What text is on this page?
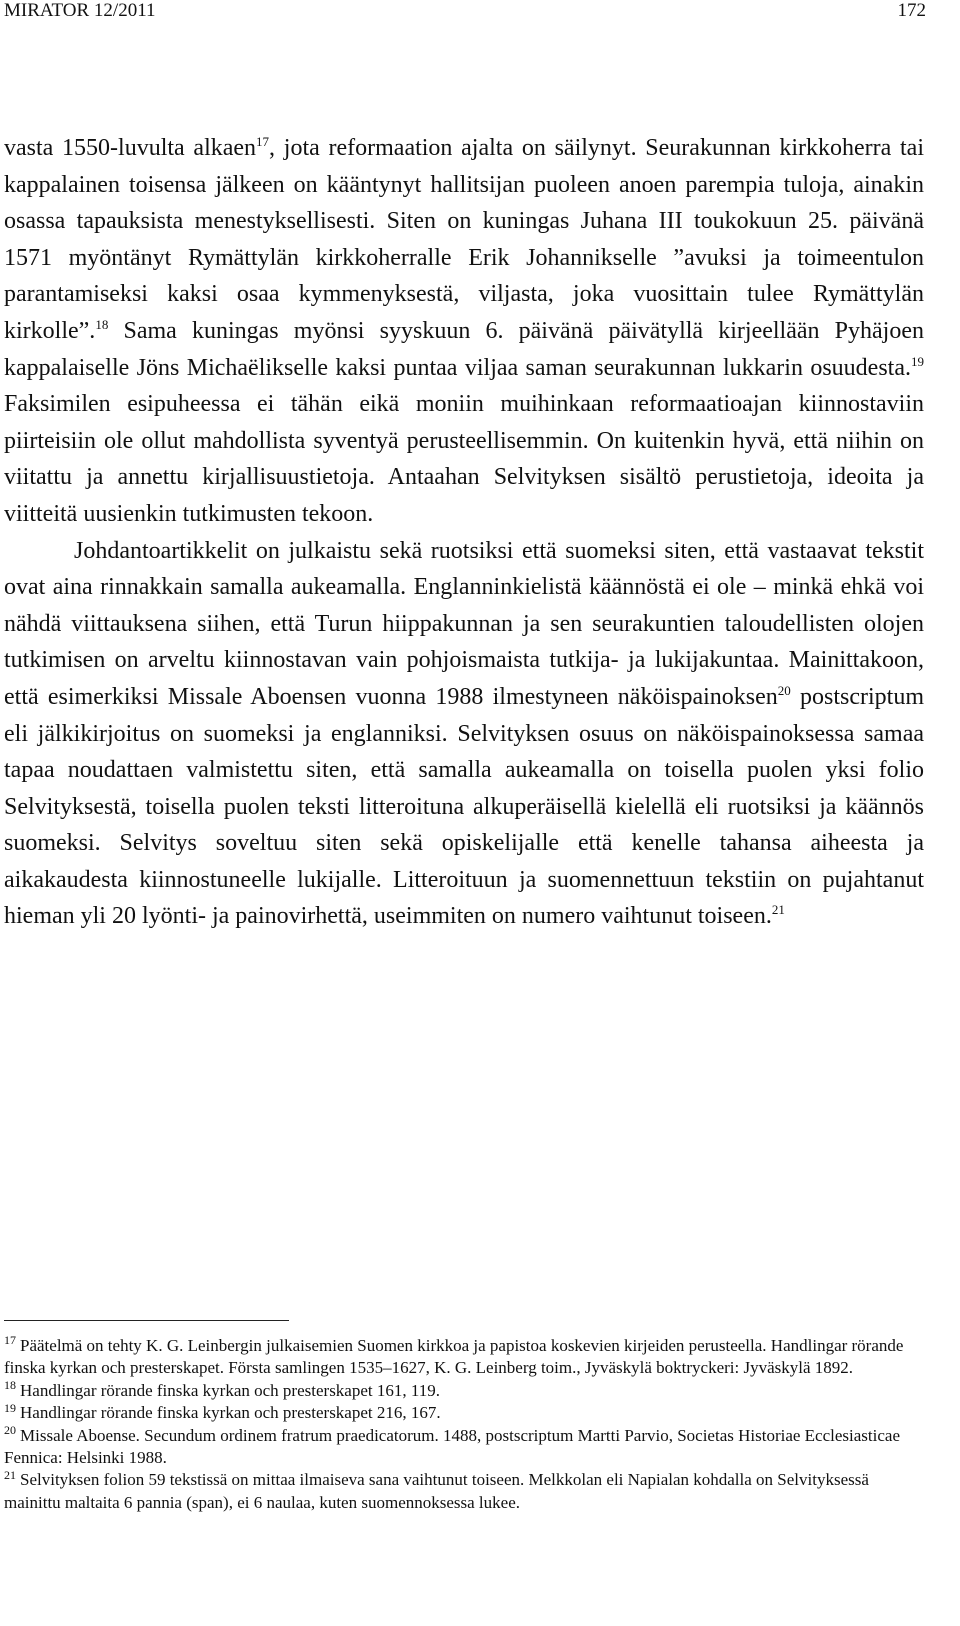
MIRATOR 12/2011	172

vasta 1550-luvulta alkaen$^{17}$, jota reformaation ajalta on säilynyt. Seurakunnan kirkkoherra tai kappalainen toisensa jälkeen on kääntynyt hallitsijan puoleen anoen parempia tuloja, ainakin osassa tapauksista menestyksellisesti. Siten on kuningas Juhana III toukokuun 25. päivänä 1571 myöntänyt Rymättylän kirkkoherralle Erik Johannikselle ”avuksi ja toimeentulon parantamiseksi kaksi osaa kymmenyksestä, viljasta, joka vuosittain tulee Rymättylän kirkolle”.$^{18}$ Sama kuningas myönsi syyskuun 6. päivänä päivätyllä kirjeellään Pyhäjoen kappalaiselle Jöns Michaëlikselle kaksi puntaa viljaa saman seurakunnan lukkarin osuudesta.$^{19}$ Faksimilen esipuheessa ei tähän eikä moniin muihinkaan reformaatioajan kiinnostaviin piirteisiin ole ollut mahdollista syventyä perusteellisemmin. On kuitenkin hyvä, että niihin on viitattu ja annettu kirjallisuustietoja. Antaahan Selvityksen sisältö perustietoja, ideoita ja viitteitä uusienkin tutkimusten tekoon.

Johdantoartikkelit on julkaistu sekä ruotsiksi että suomeksi siten, että vastaavat tekstit ovat aina rinnakkain samalla aukeamalla. Englanninkielistä käännöstä ei ole – minkä ehkä voi nähdä viittauksena siihen, että Turun hiippakunnan ja sen seurakuntien taloudellisten olojen tutkimisen on arveltu kiinnostavan vain pohjoismaista tutkija- ja lukijakuntaa. Mainittakoon, että esimerkiksi Missale Aboensen vuonna 1988 ilmestyneen näköispainoksen$^{20}$ postscriptum eli jälkikirjoitus on suomeksi ja englanniksi. Selvityksen osuus on näköispainoksessa samaa tapaa noudattaen valmistettu siten, että samalla aukeamalla on toisella puolen yksi folio Selvityksestä, toisella puolen teksti litteroituna alkuperäisellä kielellä eli ruotsiksi ja käännös suomeksi. Selvitys soveltuu siten sekä opiskelijalle että kenelle tahansa aiheesta ja aikakaudesta kiinnostuneelle lukijalle. Litteroituun ja suomennettuun tekstiin on pujahtanut hieman yli 20 lyönti- ja painovirhettä, useimmiten on numero vaihtunut toiseen.$^{21}$

$^{17}$ Päätelmä on tehty K. G. Leinbergin julkaisemien Suomen kirkkoa ja papistoa koskevien kirjeiden perusteella. Handlingar rörande finska kyrkan och presterskapet. Första samlingen 1535–1627, K. G. Leinberg toim., Jyväskylä boktryckeri: Jyväskylä 1892.

$^{18}$ Handlingar rörande finska kyrkan och presterskapet 161, 119.

$^{19}$ Handlingar rörande finska kyrkan och presterskapet 216, 167.

$^{20}$ Missale Aboense. Secundum ordinem fratrum praedicatorum. 1488, postscriptum Martti Parvio, Societas Historiae Ecclesiasticae Fennica: Helsinki 1988.

$^{21}$ Selvityksen folion 59 tekstissä on mittaa ilmaiseva sana vaihtunut toiseen. Melkkolan eli Napialan kohdalla on Selvityksessä mainittu maltaita 6 pannia (span), ei 6 naulaa, kuten suomennoksessa lukee.
